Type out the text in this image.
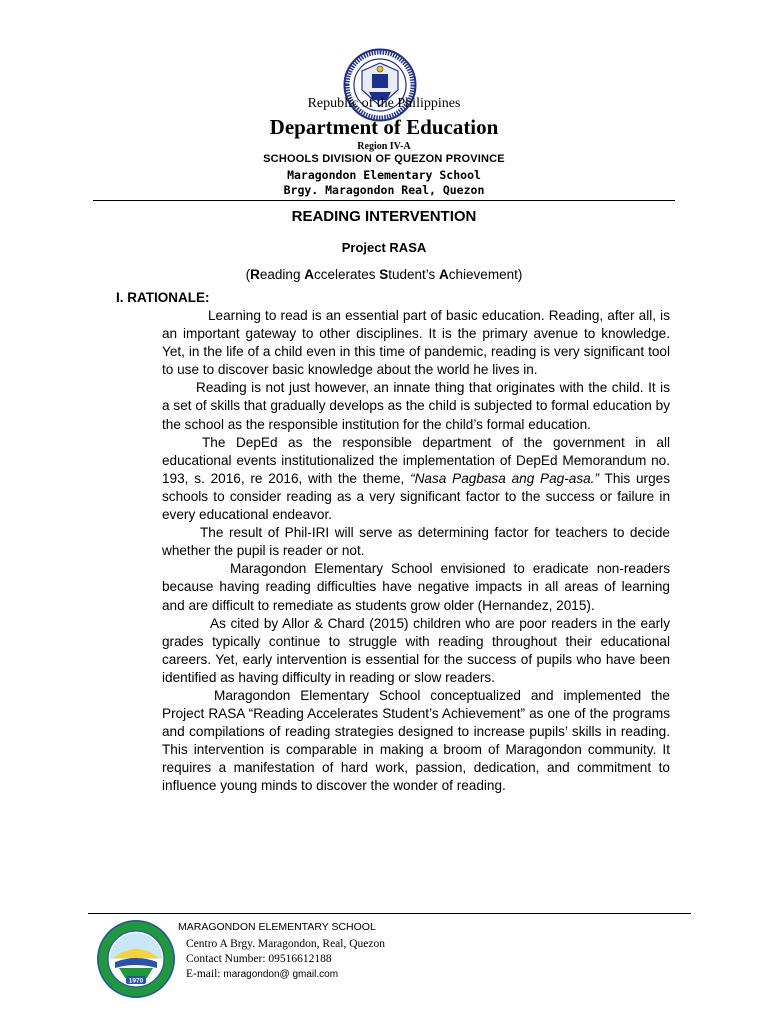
Republic of the Philippines
Department of Education
Region IV-A
SCHOOLS DIVISION OF QUEZON PROVINCE
Maragondon Elementary School
Brgy. Maragondon Real, Quezon
READING INTERVENTION
Project RASA
(Reading Accelerates Student’s Achievement)
I. RATIONALE:

Learning to read is an essential part of basic education. Reading, after all, is an important gateway to other disciplines. It is the primary avenue to knowledge. Yet, in the life of a child even in this time of pandemic, reading is very significant tool to use to discover basic knowledge about the world he lives in.

Reading is not just however, an innate thing that originates with the child. It is a set of skills that gradually develops as the child is subjected to formal education by the school as the responsible institution for the child’s formal education.

The DepEd as the responsible department of the government in all educational events institutionalized the implementation of DepEd Memorandum no. 193, s. 2016, re 2016, with the theme, “Nasa Pagbasa ang Pag-asa.” This urges schools to consider reading as a very significant factor to the success or failure in every educational endeavor.

The result of Phil-IRI will serve as determining factor for teachers to decide whether the pupil is reader or not.

Maragondon Elementary School envisioned to eradicate non-readers because having reading difficulties have negative impacts in all areas of learning and are difficult to remediate as students grow older (Hernandez, 2015).

As cited by Allor & Chard (2015) children who are poor readers in the early grades typically continue to struggle with reading throughout their educational careers. Yet, early intervention is essential for the success of pupils who have been identified as having difficulty in reading or slow readers.

Maragondon Elementary School conceptualized and implemented the Project RASA “Reading Accelerates Student’s Achievement” as one of the programs and compilations of reading strategies designed to increase pupils’ skills in reading. This intervention is comparable in making a broom of Maragondon community. It requires a manifestation of hard work, passion, dedication, and commitment to influence young minds to discover the wonder of reading.

1970
MARAGONDON ELEMENTARY SCHOOL
Centro A Brgy. Maragondon, Real, Quezon
Contact Number: 09516612188
E-mail: maragondon@ gmail.com
